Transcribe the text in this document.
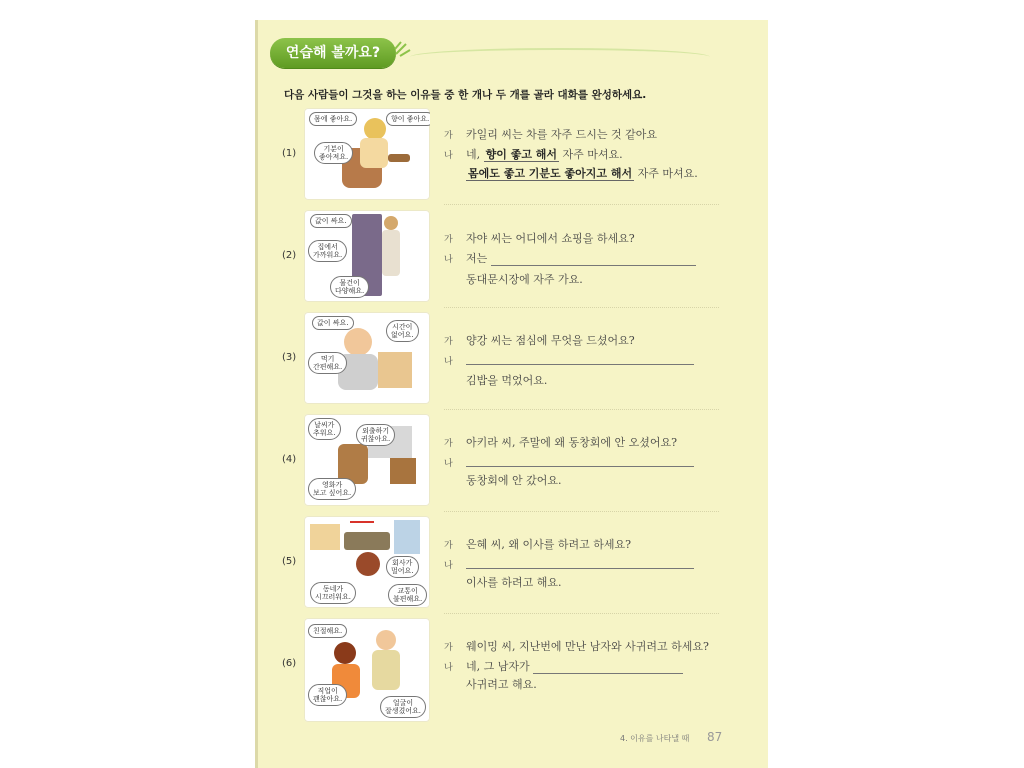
연습해 볼까요?
다음 사람들이 그것을 하는 이유들 중 한 개나 두 개를 골라 대화를 완성하세요.
(1)
몸에 좋아요.	향이 좋아요.
기분이
좋아져요.
가 카일리 씨는 차를 자주 드시는 것 같아요
나 네, 향이 좋고 해서 자주 마셔요.
몸에도 좋고 기분도 좋아지고 해서 자주 마셔요.
(2)
값이 싸요.
집에서
가까워요.
물건이
다양해요.
가 자야 씨는 어디에서 쇼핑을 하세요?
나 저는
동대문시장에 자주 가요.
(3)
값이 싸요.	시간이
없어요.
먹기
간편해요.
가 양강 씨는 점심에 무엇을 드셨어요?
나
김밥을 먹었어요.
(4)
날씨가
추워요.	외출하기
귀찮아요.
영화가
보고 싶어요.
가 아키라 씨, 주말에 왜 동창회에 안 오셨어요?
나
동창회에 안 갔어요.
(5)	회사가
멀어요.
동네가
시끄러워요.
교통이
불편해요.
가 은혜 씨, 왜 이사를 하려고 하세요?
나
이사를 하려고 해요.
(6)
친절해요.
직업이
괜찮아요.	얼굴이
잘생겼어요.
가 웨이밍 씨, 지난번에 만난 남자와 사귀려고 하세요?
나 네, 그 남자가
사귀려고 해요.
4. 이유를 나타낼 때 87
